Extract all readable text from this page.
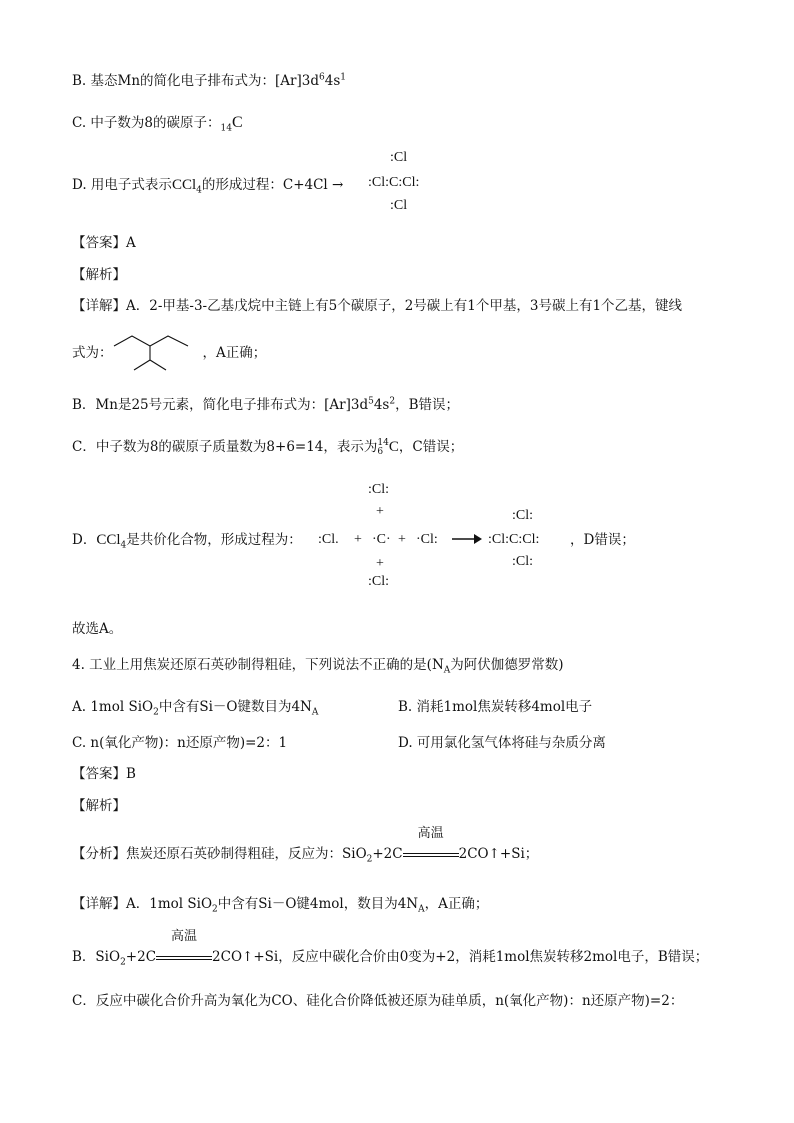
B. 基态Mn的简化电子排布式为：$[Ar]3d^64s^1$
C. 中子数为8的碳原子：$_{14}$C
D. 用电子式表示CCl$_4$的形成过程：C+4Cl →
:Cl
:Cl:C:Cl:
:Cl
【答案】A
【解析】
【详解】A．2-甲基-3-乙基戊烷中主链上有5个碳原子，2号碳上有1个甲基，3号碳上有1个乙基，键线
式为：	，A正确；
B．Mn是25号元素，简化电子排布式为：$[Ar]3d^54s^2$，B错误；
C．中子数为8的碳原子质量数为8+6=14，表示为 14
6 C，C错误；
D．CCl$_4$是共价化合物，形成过程为：
:Cl:
+
:Cl. + ·C· + ·Cl:
+
:Cl:
:Cl:
:Cl:C:Cl:
:Cl:
，D错误；
故选A。
4. 工业上用焦炭还原石英砂制得粗硅，下列说法不正确的是($N_A$为阿伏伽德罗常数)
A. 1mol SiO$_2$中含有Si－O键数目为$4N_A$	B. 消耗1mol焦炭转移4mol电子
C. n(氧化产物)：n还原产物)=2：1	D. 可用氯化氢气体将硅与杂质分离
【答案】B
【解析】
【分析】焦炭还原石英砂制得粗硅，反应为：SiO$_2$+2C
高温
2CO↑+Si；
【详解】A．1mol SiO$_2$中含有Si－O键4mol，数目为$4N_A$，A正确；
B．SiO$_2$+2C
高温
2CO↑+Si，反应中碳化合价由0变为+2，消耗1mol焦炭转移2mol电子，B错误；
C．反应中碳化合价升高为氧化为CO、硅化合价降低被还原为硅单质，n(氧化产物)：n还原产物)=2：
